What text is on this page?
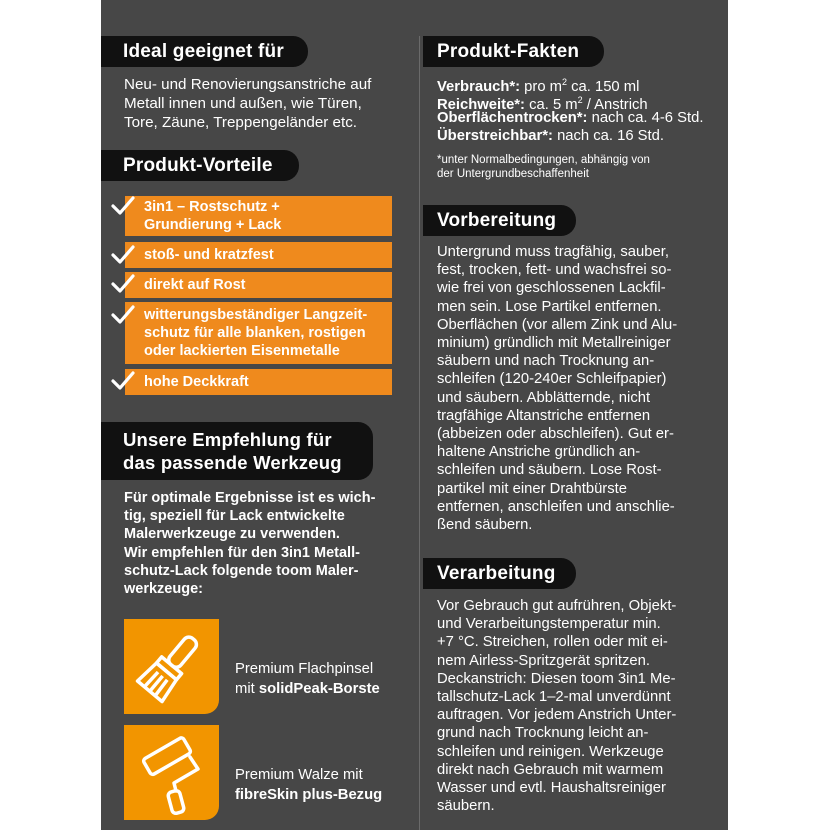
Ideal geeignet für
Neu- und Renovierungsanstriche auf
Metall innen und außen, wie Türen,
Tore, Zäune, Treppengeländer etc.
Produkt-Vorteile
3in1 – Rostschutz +
Grundierung + Lack
stoß- und kratzfest
direkt auf Rost
witterungsbeständiger Langzeit-
schutz für alle blanken, rostigen
oder lackierten Eisenmetalle
hohe Deckkraft
Unsere Empfehlung für
das passende Werkzeug
Für optimale Ergebnisse ist es wich-
tig, speziell für Lack entwickelte
Malerwerkzeuge zu verwenden.
Wir empfehlen für den 3in1 Metall-
schutz-Lack folgende toom Maler-
werkzeuge:
Premium Flachpinsel
mit solidPeak-Borste
Premium Walze mit
fibreSkin plus-Bezug
Produkt-Fakten
Verbrauch*: pro $m^2$ ca. 150 ml
Reichweite*: ca. 5 $m^2$ / Anstrich
Oberflächentrocken*: nach ca. 4-6 Std.
Überstreichbar*: nach ca. 16 Std.
*unter Normalbedingungen, abhängig von
der Untergrundbeschaffenheit
Vorbereitung
Untergrund muss tragfähig, sauber,
fest, trocken, fett- und wachsfrei so-
wie frei von geschlossenen Lackfil-
men sein. Lose Partikel entfernen.
Oberflächen (vor allem Zink und Alu-
minium) gründlich mit Metallreiniger
säubern und nach Trocknung an-
schleifen (120-240er Schleifpapier)
und säubern. Abblätternde, nicht
tragfähige Altanstriche entfernen
(abbeizen oder abschleifen). Gut er-
haltene Anstriche gründlich an-
schleifen und säubern. Lose Rost-
partikel mit einer Drahtbürste
entfernen, anschleifen und anschlie-
ßend säubern.
Verarbeitung
Vor Gebrauch gut aufrühren, Objekt-
und Verarbeitungstemperatur min.
+7 °C. Streichen, rollen oder mit ei-
nem Airless-Spritzgerät spritzen.
Deckanstrich: Diesen toom 3in1 Me-
tallschutz-Lack 1–2-mal unverdünnt
auftragen. Vor jedem Anstrich Unter-
grund nach Trocknung leicht an-
schleifen und reinigen. Werkzeuge
direkt nach Gebrauch mit warmem
Wasser und evtl. Haushaltsreiniger
säubern.
